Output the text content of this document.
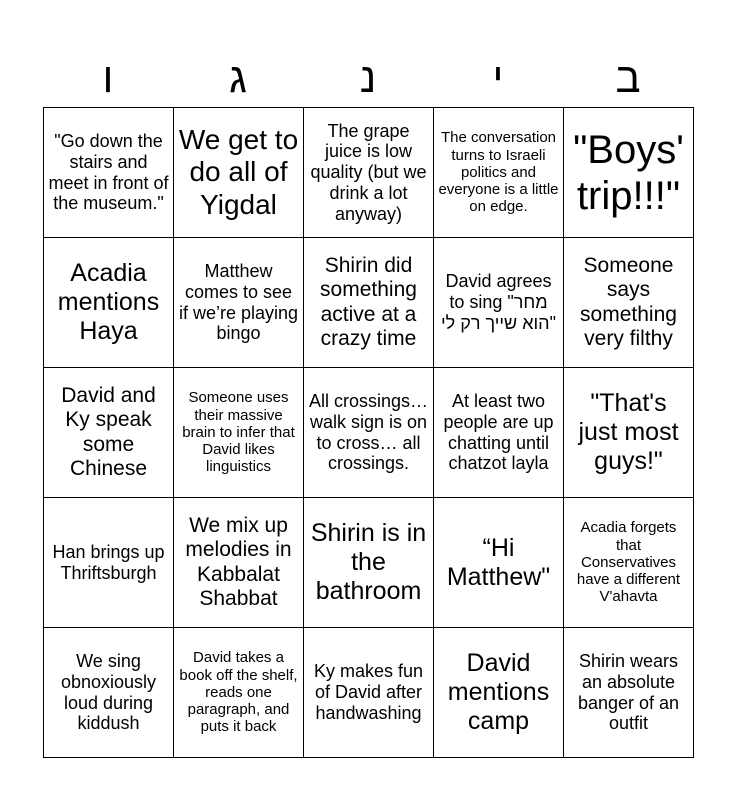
ו	ג	נ	י	ב
"Go down the stairs and meet in front of the museum."	We get to do all of Yigdal	The grape juice is low quality (but we drink a lot anyway)	The conversation turns to Israeli politics and everyone is a little on edge.	"Boys' trip!!!"
Acadia mentions Haya	Matthew comes to see if we’re playing bingo	Shirin did something active at a crazy time	David agrees to sing "מחר הוא שייך רק לי"	Someone says something very filthy
David and Ky speak some Chinese	Someone uses their massive brain to infer that David likes linguistics	All crossings… walk sign is on to cross… all crossings.	At least two people are up chatting until chatzot layla	"That's just most guys!"
Han brings up Thriftsburgh	We mix up melodies in Kabbalat Shabbat	Shirin is in the bathroom	“Hi Matthew"	Acadia forgets that Conservatives have a different V'ahavta
We sing obnoxiously loud during kiddush	David takes a book off the shelf, reads one paragraph, and puts it back	Ky makes fun of David after handwashing	David mentions camp	Shirin wears an absolute banger of an outfit
